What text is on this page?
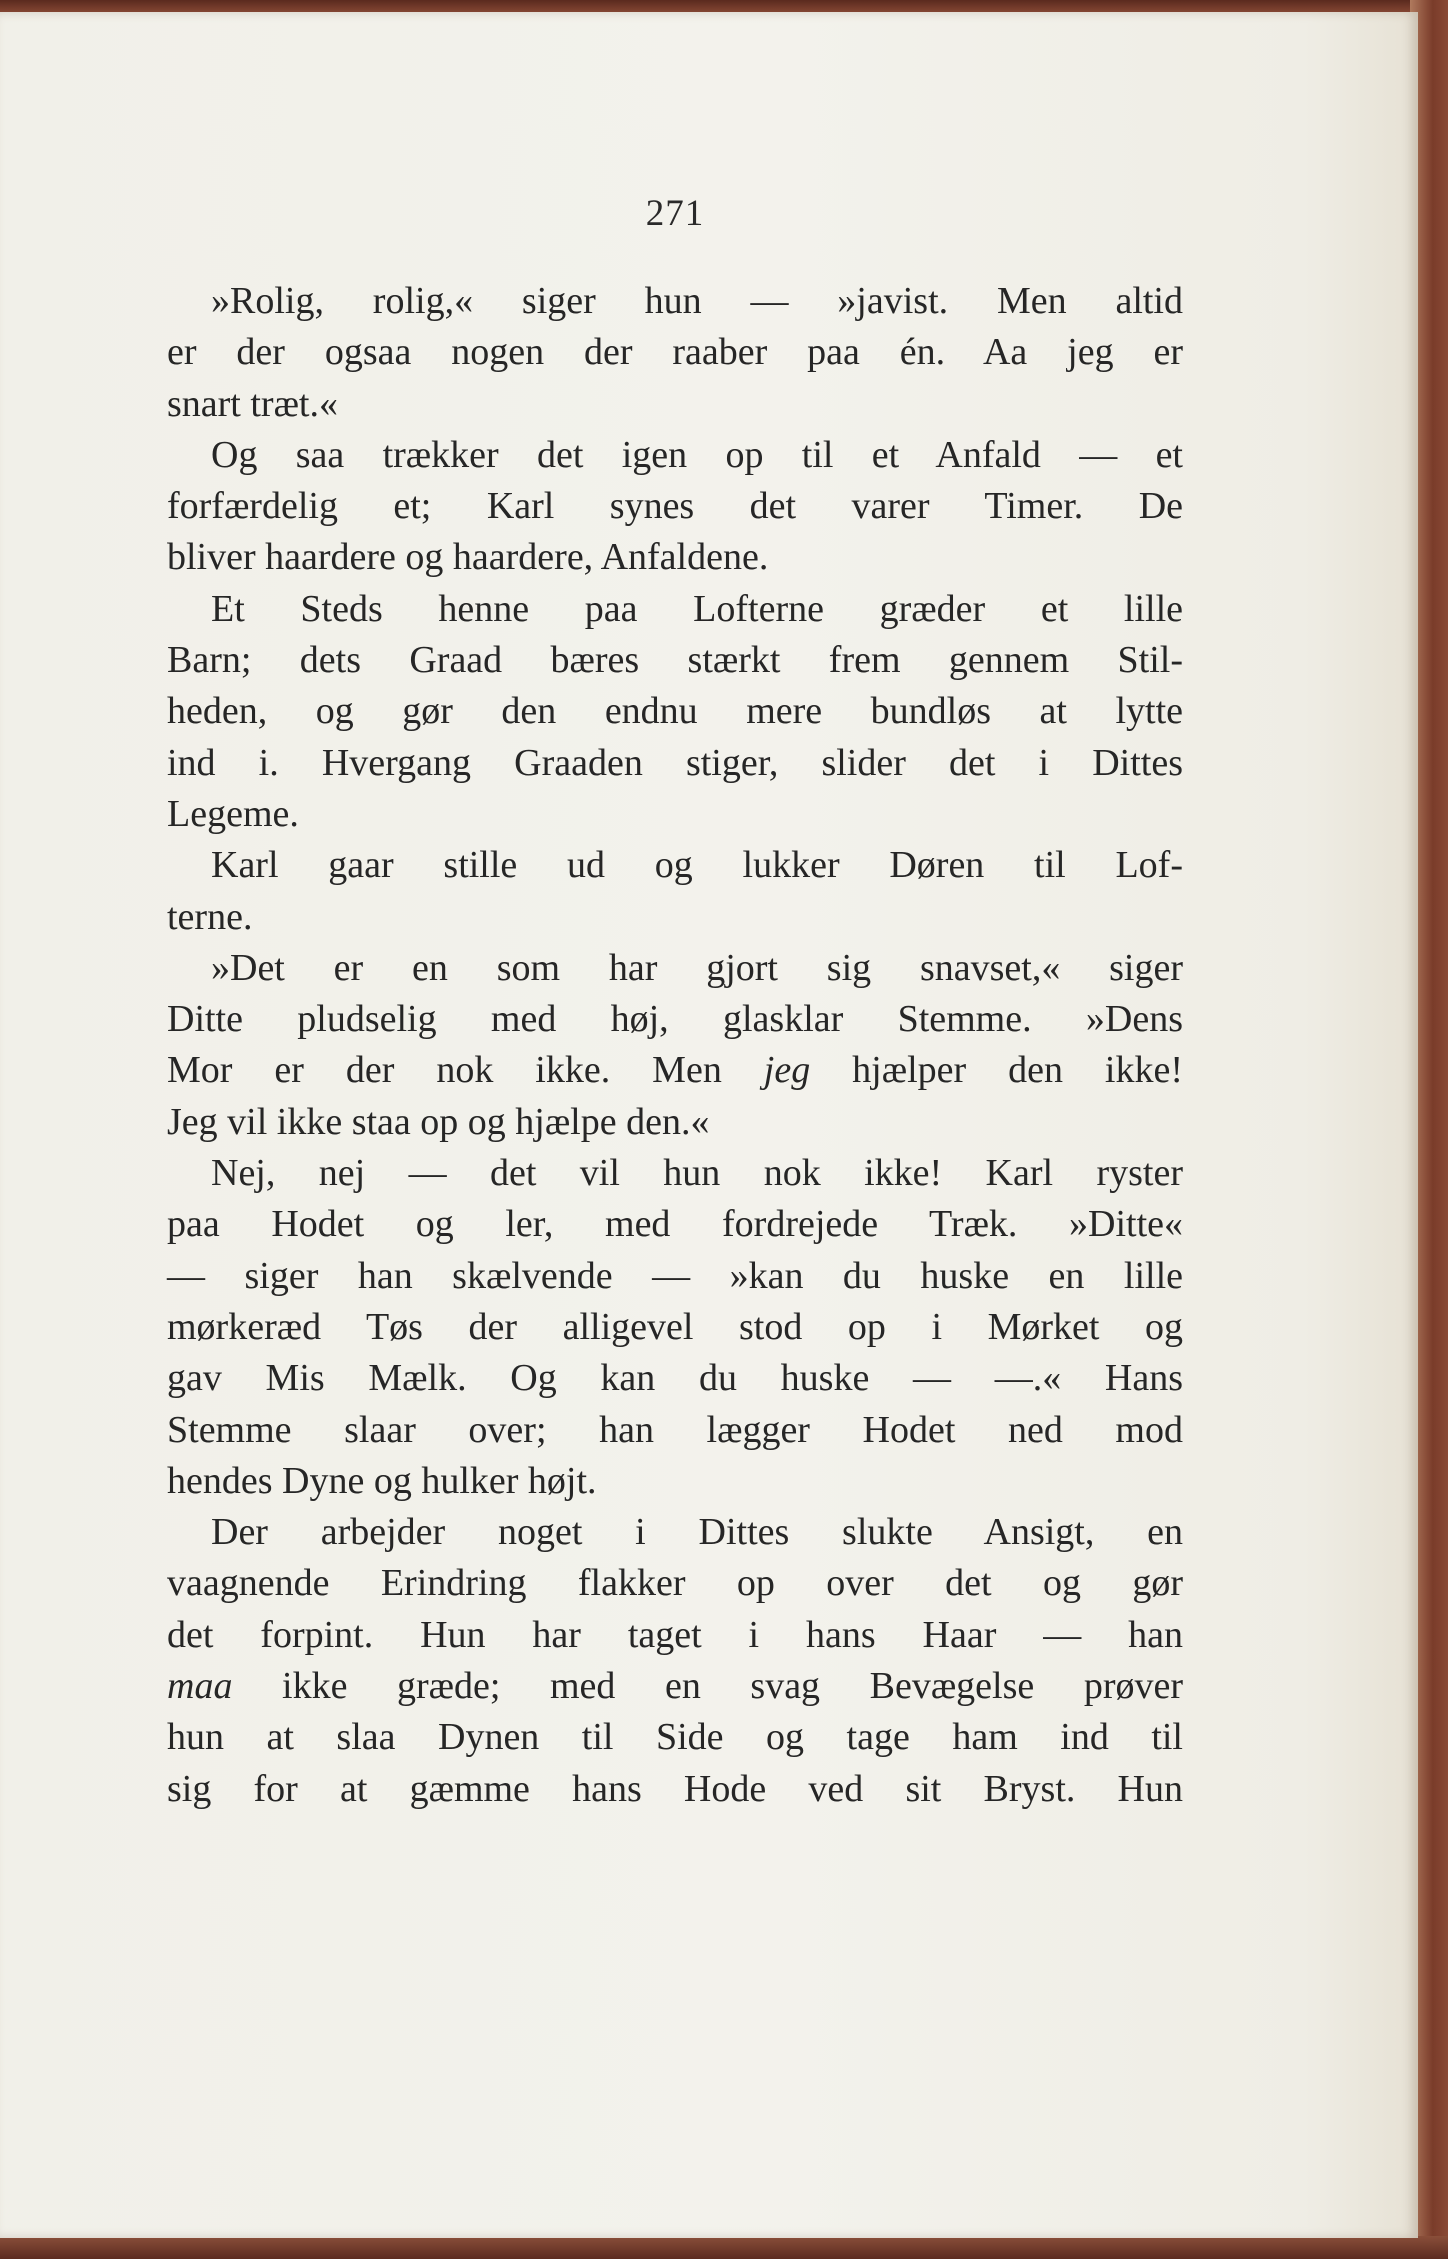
271
»Rolig, rolig,« siger hun — »javist. Men altid
er der ogsaa nogen der raaber paa én. Aa jeg er
snart træt.«
Og saa trækker det igen op til et Anfald — et
forfærdelig et; Karl synes det varer Timer. De
bliver haardere og haardere, Anfaldene.
Et Steds henne paa Lofterne græder et lille
Barn; dets Graad bæres stærkt frem gennem Stil-
heden, og gør den endnu mere bundløs at lytte
ind i. Hvergang Graaden stiger, slider det i Dittes
Legeme.
Karl gaar stille ud og lukker Døren til Lof-
terne.
»Det er en som har gjort sig snavset,« siger
Ditte pludselig med høj, glasklar Stemme. »Dens
Mor er der nok ikke. Men jeg hjælper den ikke!
Jeg vil ikke staa op og hjælpe den.«
Nej, nej — det vil hun nok ikke! Karl ryster
paa Hodet og ler, med fordrejede Træk. »Ditte«
— siger han skælvende — »kan du huske en lille
mørkeræd Tøs der alligevel stod op i Mørket og
gav Mis Mælk. Og kan du huske — —.« Hans
Stemme slaar over; han lægger Hodet ned mod
hendes Dyne og hulker højt.
Der arbejder noget i Dittes slukte Ansigt, en
vaagnende Erindring flakker op over det og gør
det forpint. Hun har taget i hans Haar — han
maa ikke græde; med en svag Bevægelse prøver
hun at slaa Dynen til Side og tage ham ind til
sig for at gæmme hans Hode ved sit Bryst. Hun
